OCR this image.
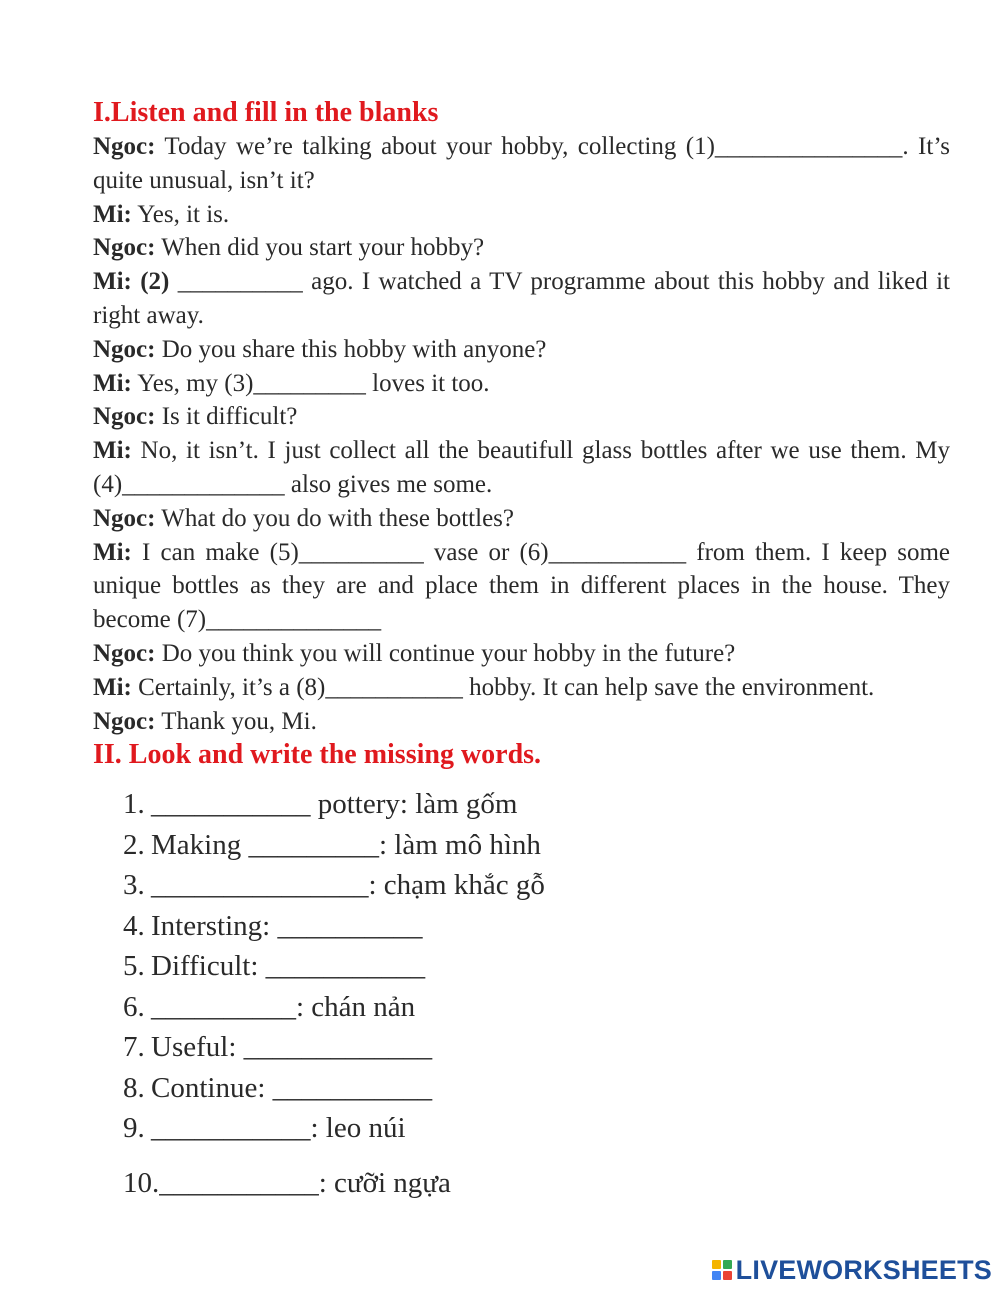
I.Listen and fill in the blanks
Ngoc: Today we’re talking about your hobby, collecting (1)_______________. It’s quite unusual, isn’t it?
Mi: Yes, it is.
Ngoc: When did you start your hobby?
Mi: (2) __________ ago. I watched a TV programme about this hobby and liked it right away.
Ngoc: Do you share this hobby with anyone?
Mi: Yes, my (3)_________ loves it too.
Ngoc: Is it difficult?
Mi: No, it isn’t. I just collect all the beautifull glass bottles after we use them. My (4)_____________ also gives me some.
Ngoc: What do you do with these bottles?
Mi: I can make (5)__________ vase or (6)___________ from them. I keep some unique bottles as they are and place them in different places in the house. They become (7)______________
Ngoc: Do you think you will continue your hobby in the future?
Mi: Certainly, it’s a (8)___________ hobby. It can help save the environment.
Ngoc: Thank you, Mi.
II. Look and write the missing words.
1. ___________ pottery: làm gốm
2. Making _________: làm mô hình
3. _______________: chạm khắc gỗ
4. Intersting: __________
5. Difficult: ___________
6. __________: chán nản
7. Useful: _____________
8. Continue: ___________
9. ___________: leo núi
10.___________: cưỡi ngựa
LIVEWORKSHEETS
